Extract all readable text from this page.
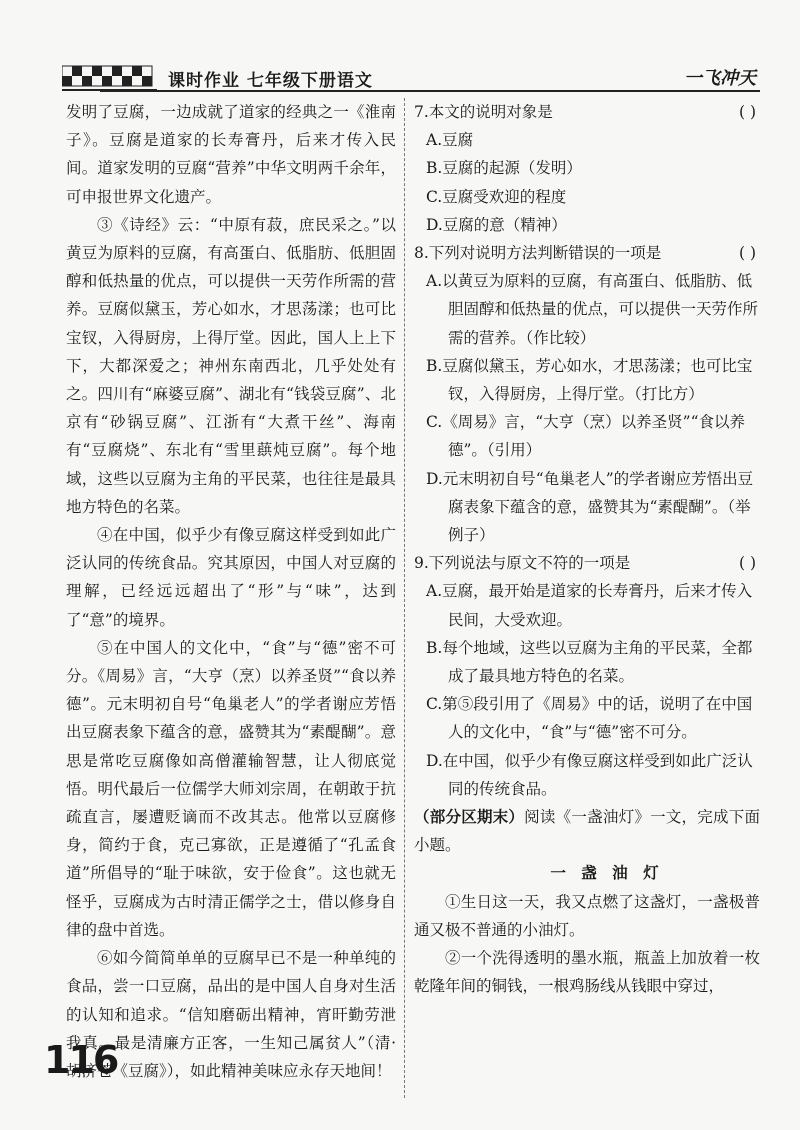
课时作业 七年级下册语文	一飞冲天

发明了豆腐，一边成就了道家的经典之一《淮南子》。豆腐是道家的长寿膏丹，后来才传入民间。道家发明的豆腐“营养”中华文明两千余年，可申报世界文化遗产。

③《诗经》云：“中原有菽，庶民采之。”以黄豆为原料的豆腐，有高蛋白、低脂肪、低胆固醇和低热量的优点，可以提供一天劳作所需的营养。豆腐似黛玉，芳心如水，才思荡漾；也可比宝钗，入得厨房，上得厅堂。因此，国人上上下下，大都深爱之；神州东南西北，几乎处处有之。四川有“麻婆豆腐”、湖北有“钱袋豆腐”、北京有“砂锅豆腐”、江浙有“大煮干丝”、海南有“豆腐烧”、东北有“雪里蕻炖豆腐”。每个地域，这些以豆腐为主角的平民菜，也往往是最具地方特色的名菜。

④在中国，似乎少有像豆腐这样受到如此广泛认同的传统食品。究其原因，中国人对豆腐的理解，已经远远超出了“形”与“味”，达到了“意”的境界。

⑤在中国人的文化中，“食”与“德”密不可分。《周易》言，“大亨（烹）以养圣贤”“食以养德”。元末明初自号“龟巢老人”的学者谢应芳悟出豆腐表象下蕴含的意，盛赞其为“素醍醐”。意思是常吃豆腐像如高僧灌输智慧，让人彻底觉悟。明代最后一位儒学大师刘宗周，在朝敢于抗疏直言，屡遭贬谪而不改其志。他常以豆腐修身，简约于食，克己寡欲，正是遵循了“孔孟食道”所倡导的“耻于味欲，安于俭食”。这也就无怪乎，豆腐成为古时清正儒学之士，借以修身自律的盘中首选。

⑥如今简简单单的豆腐早已不是一种单纯的食品，尝一口豆腐，品出的是中国人自身对生活的认知和追求。“信知磨砺出精神，宵旰勤劳泄我真。最是清廉方正客，一生知己属贫人”（清·胡济苍《豆腐》），如此精神美味应永存天地间！

7.本文的说明对象是	( )

A.豆腐

B.豆腐的起源（发明）

C.豆腐受欢迎的程度

D.豆腐的意（精神）

8.下列对说明方法判断错误的一项是	( )

A.以黄豆为原料的豆腐，有高蛋白、低脂肪、低胆固醇和低热量的优点，可以提供一天劳作所需的营养。（作比较）

B.豆腐似黛玉，芳心如水，才思荡漾；也可比宝钗，入得厨房，上得厅堂。（打比方）

C.《周易》言，“大亨（烹）以养圣贤”“食以养德”。（引用）

D.元末明初自号“龟巢老人”的学者谢应芳悟出豆腐表象下蕴含的意，盛赞其为“素醍醐”。（举例子）

9.下列说法与原文不符的一项是	( )

A.豆腐，最开始是道家的长寿膏丹，后来才传入民间，大受欢迎。

B.每个地域，这些以豆腐为主角的平民菜，全都成了最具地方特色的名菜。

C.第⑤段引用了《周易》中的话，说明了在中国人的文化中，“食”与“德”密不可分。

D.在中国，似乎少有像豆腐这样受到如此广泛认同的传统食品。

（部分区期末）阅读《一盏油灯》一文，完成下面小题。

一 盏 油 灯

①生日这一天，我又点燃了这盏灯，一盏极普通又极不普通的小油灯。

②一个洗得透明的墨水瓶，瓶盖上加放着一枚乾隆年间的铜钱，一根鸡肠线从钱眼中穿过，

116
